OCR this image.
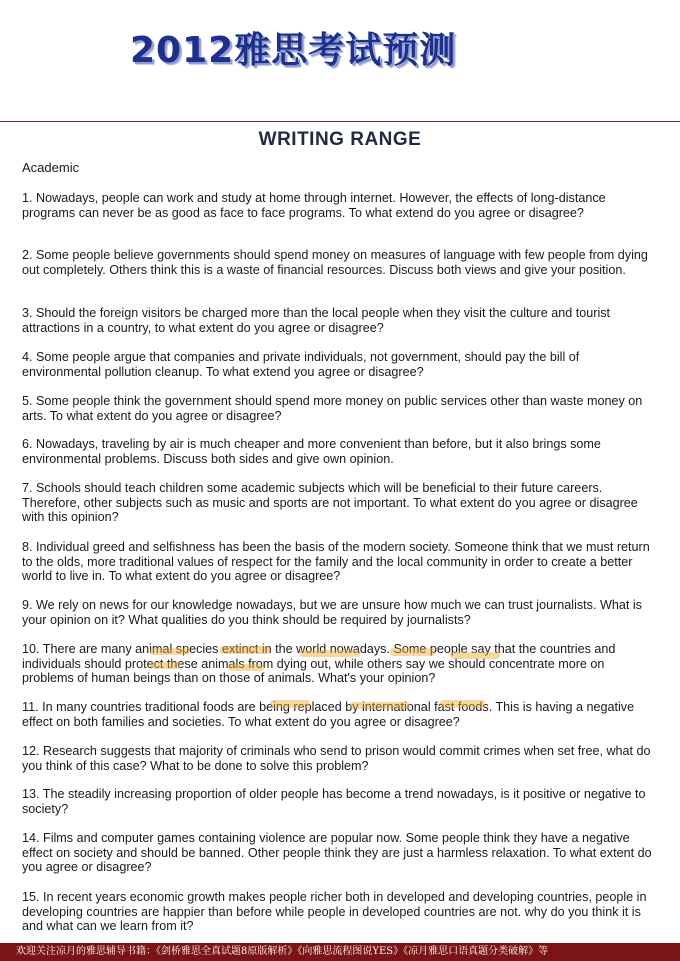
2012雅思考试预测
WRITING RANGE
Academic

1. Nowadays, people can work and study at home through internet. However, the effects of long-distance programs can never be as good as face to face programs. To what extend do you agree or disagree?

2. Some people believe governments should spend money on measures of language with few people from dying out completely. Others think this is a waste of financial resources. Discuss both views and give your position.

3. Should the foreign visitors be charged more than the local people when they visit the culture and tourist attractions in a country, to what extent do you agree or disagree?

4. Some people argue that companies and private individuals, not government, should pay the bill of environmental pollution cleanup. To what extend you agree or disagree?

5. Some people think the government should spend more money on public services other than waste money on arts. To what extent do you agree or disagree?

6. Nowadays, traveling by air is much cheaper and more convenient than before, but it also brings some environmental problems. Discuss both sides and give own opinion.

7. Schools should teach children some academic subjects which will be beneficial to their future careers. Therefore, other subjects such as music and sports are not important. To what extent do you agree or disagree with this opinion?

8. Individual greed and selfishness has been the basis of the modern society. Someone think that we must return to the olds, more traditional values of respect for the family and the local community in order to create a better world to live in. To what extent do you agree or disagree?

9. We rely on news for our knowledge nowadays, but we are unsure how much we can trust journalists. What is your opinion on it? What qualities do you think should be required by journalists?

10. There are many animal species extinct in the world nowadays. Some people say that the countries and individuals should protect these animals from dying out, while others say we should concentrate more on problems of human beings than on those of animals. What's your opinion?

11. In many countries traditional foods are being replaced by international fast foods. This is having a negative effect on both families and societies. To what extent do you agree or disagree?

12. Research suggests that majority of criminals who send to prison would commit crimes when set free, what do you think of this case? What to be done to solve this problem?

13. The steadily increasing proportion of older people has become a trend nowadays, is it positive or negative to society?

14. Films and computer games containing violence are popular now. Some people think they have a negative effect on society and should be banned. Other people think they are just a harmless relaxation. To what extent do you agree or disagree?

15. In recent years economic growth makes people richer both in developed and developing countries, people in developing countries are happier than before while people in developed countries are not. why do you think it is and what can we learn from it?

欢迎关注凉月的雅思辅导书籍：《剑桥雅思全真试题8原版解析》《向雅思流程图说YES》《凉月雅思口语真题分类破解》等
